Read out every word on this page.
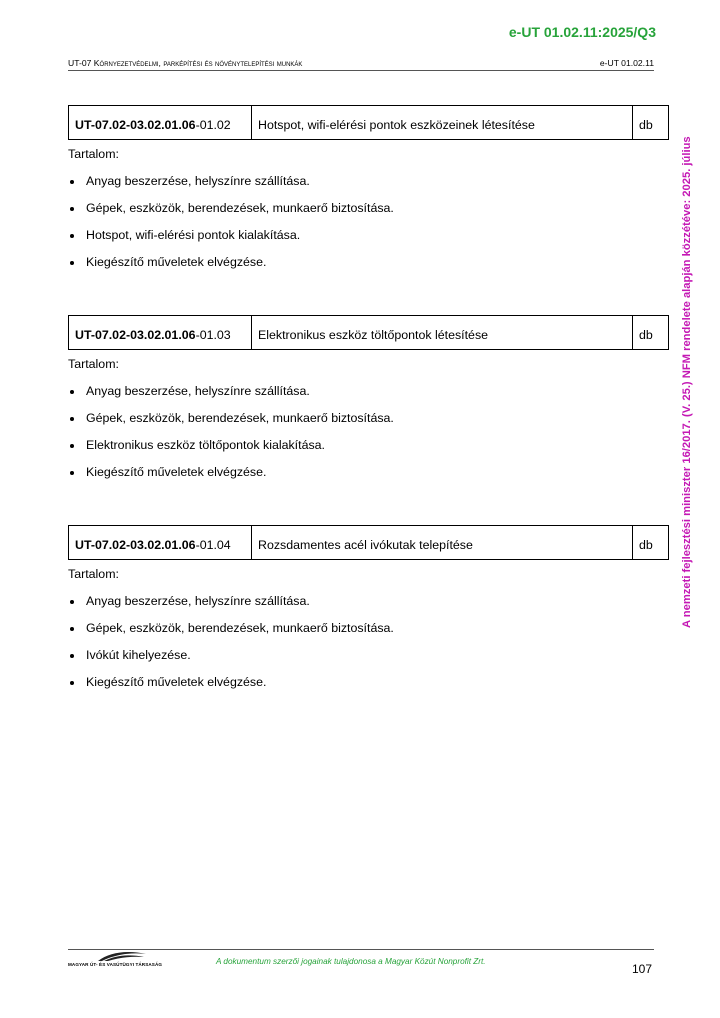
e-UT 01.02.11:2025/Q3
UT-07 Környezetvédelmi, parképítési és növénytelepítési munkák	e-UT 01.02.11
A nemzeti fejlesztési miniszter 16/2017. (V. 25.) NFM rendelete alapján közzétéve: 2025. július
UT-07.02-03.02.01.06-01.02	Hotspot, wifi-elérési pontok eszközeinek létesítése	db
Tartalom:
Anyag beszerzése, helyszínre szállítása.
Gépek, eszközök, berendezések, munkaerő biztosítása.
Hotspot, wifi-elérési pontok kialakítása.
Kiegészítő műveletek elvégzése.
UT-07.02-03.02.01.06-01.03	Elektronikus eszköz töltőpontok létesítése	db
Tartalom:
Anyag beszerzése, helyszínre szállítása.
Gépek, eszközök, berendezések, munkaerő biztosítása.
Elektronikus eszköz töltőpontok kialakítása.
Kiegészítő műveletek elvégzése.
UT-07.02-03.02.01.06-01.04	Rozsdamentes acél ivókutak telepítése	db
Tartalom:
Anyag beszerzése, helyszínre szállítása.
Gépek, eszközök, berendezések, munkaerő biztosítása.
Ivókút kihelyezése.
Kiegészítő műveletek elvégzése.
MAGYAR ÚT- ÉS VASÚTÜGYI TÁRSASÁG	A dokumentum szerzői jogainak tulajdonosa a Magyar Közút Nonprofit Zrt.
107
